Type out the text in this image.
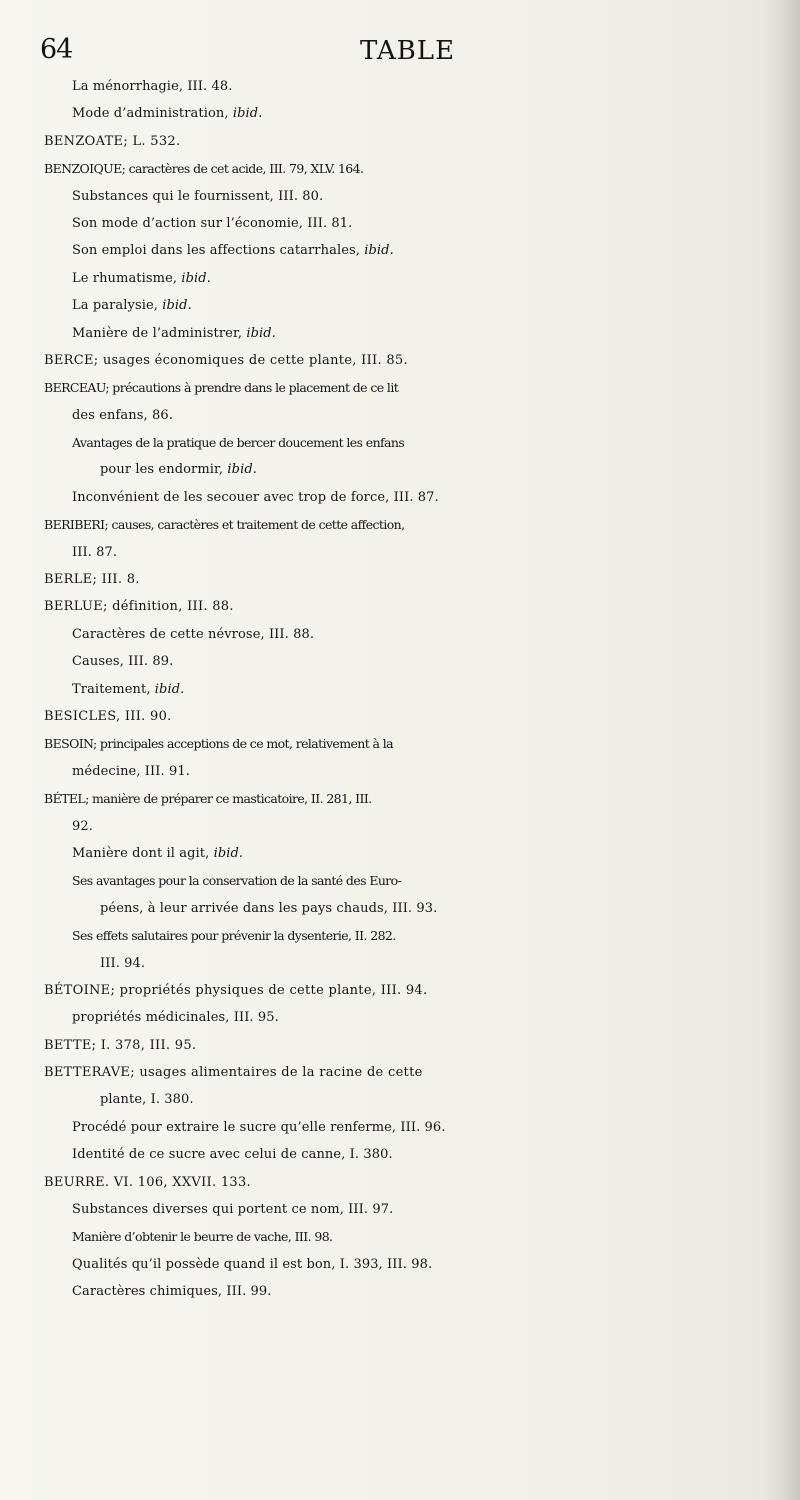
64	TABLE
La ménorrhagie, III. 48.
Mode d’administration, ibid.
BENZOATE; L. 532.
BENZOIQUE; caractères de cet acide, III. 79, XLV. 164.
Substances qui le fournissent, III. 80.
Son mode d’action sur l’économie, III. 81.
Son emploi dans les affections catarrhales, ibid.
Le rhumatisme, ibid.
La paralysie, ibid.
Manière de l’administrer, ibid.
BERCE; usages économiques de cette plante, III. 85.
BERCEAU; précautions à prendre dans le placement de ce lit
des enfans, 86.
Avantages de la pratique de bercer doucement les enfans
pour les endormir, ibid.
Inconvénient de les secouer avec trop de force, III. 87.
BERIBERI; causes, caractères et traitement de cette affection,
III. 87.
BERLE; III. 8.
BERLUE; définition, III. 88.
Caractères de cette névrose, III. 88.
Causes, III. 89.
Traitement, ibid.
BESICLES, III. 90.
BESOIN; principales acceptions de ce mot, relativement à la
médecine, III. 91.
BÉTEL; manière de préparer ce masticatoire, II. 281, III.
92.
Manière dont il agit, ibid.
Ses avantages pour la conservation de la santé des Euro-
péens, à leur arrivée dans les pays chauds, III. 93.
Ses effets salutaires pour prévenir la dysenterie, II. 282.
III. 94.
BÉTOINE; propriétés physiques de cette plante, III. 94.
propriétés médicinales, III. 95.
BETTE; I. 378, III. 95.
BETTERAVE; usages alimentaires de la racine de cette
plante, I. 380.
Procédé pour extraire le sucre qu’elle renferme, III. 96.
Identité de ce sucre avec celui de canne, I. 380.
BEURRE. VI. 106, XXVII. 133.
Substances diverses qui portent ce nom, III. 97.
Manière d’obtenir le beurre de vache, III. 98.
Qualités qu’il possède quand il est bon, I. 393, III. 98.
Caractères chimiques, III. 99.
